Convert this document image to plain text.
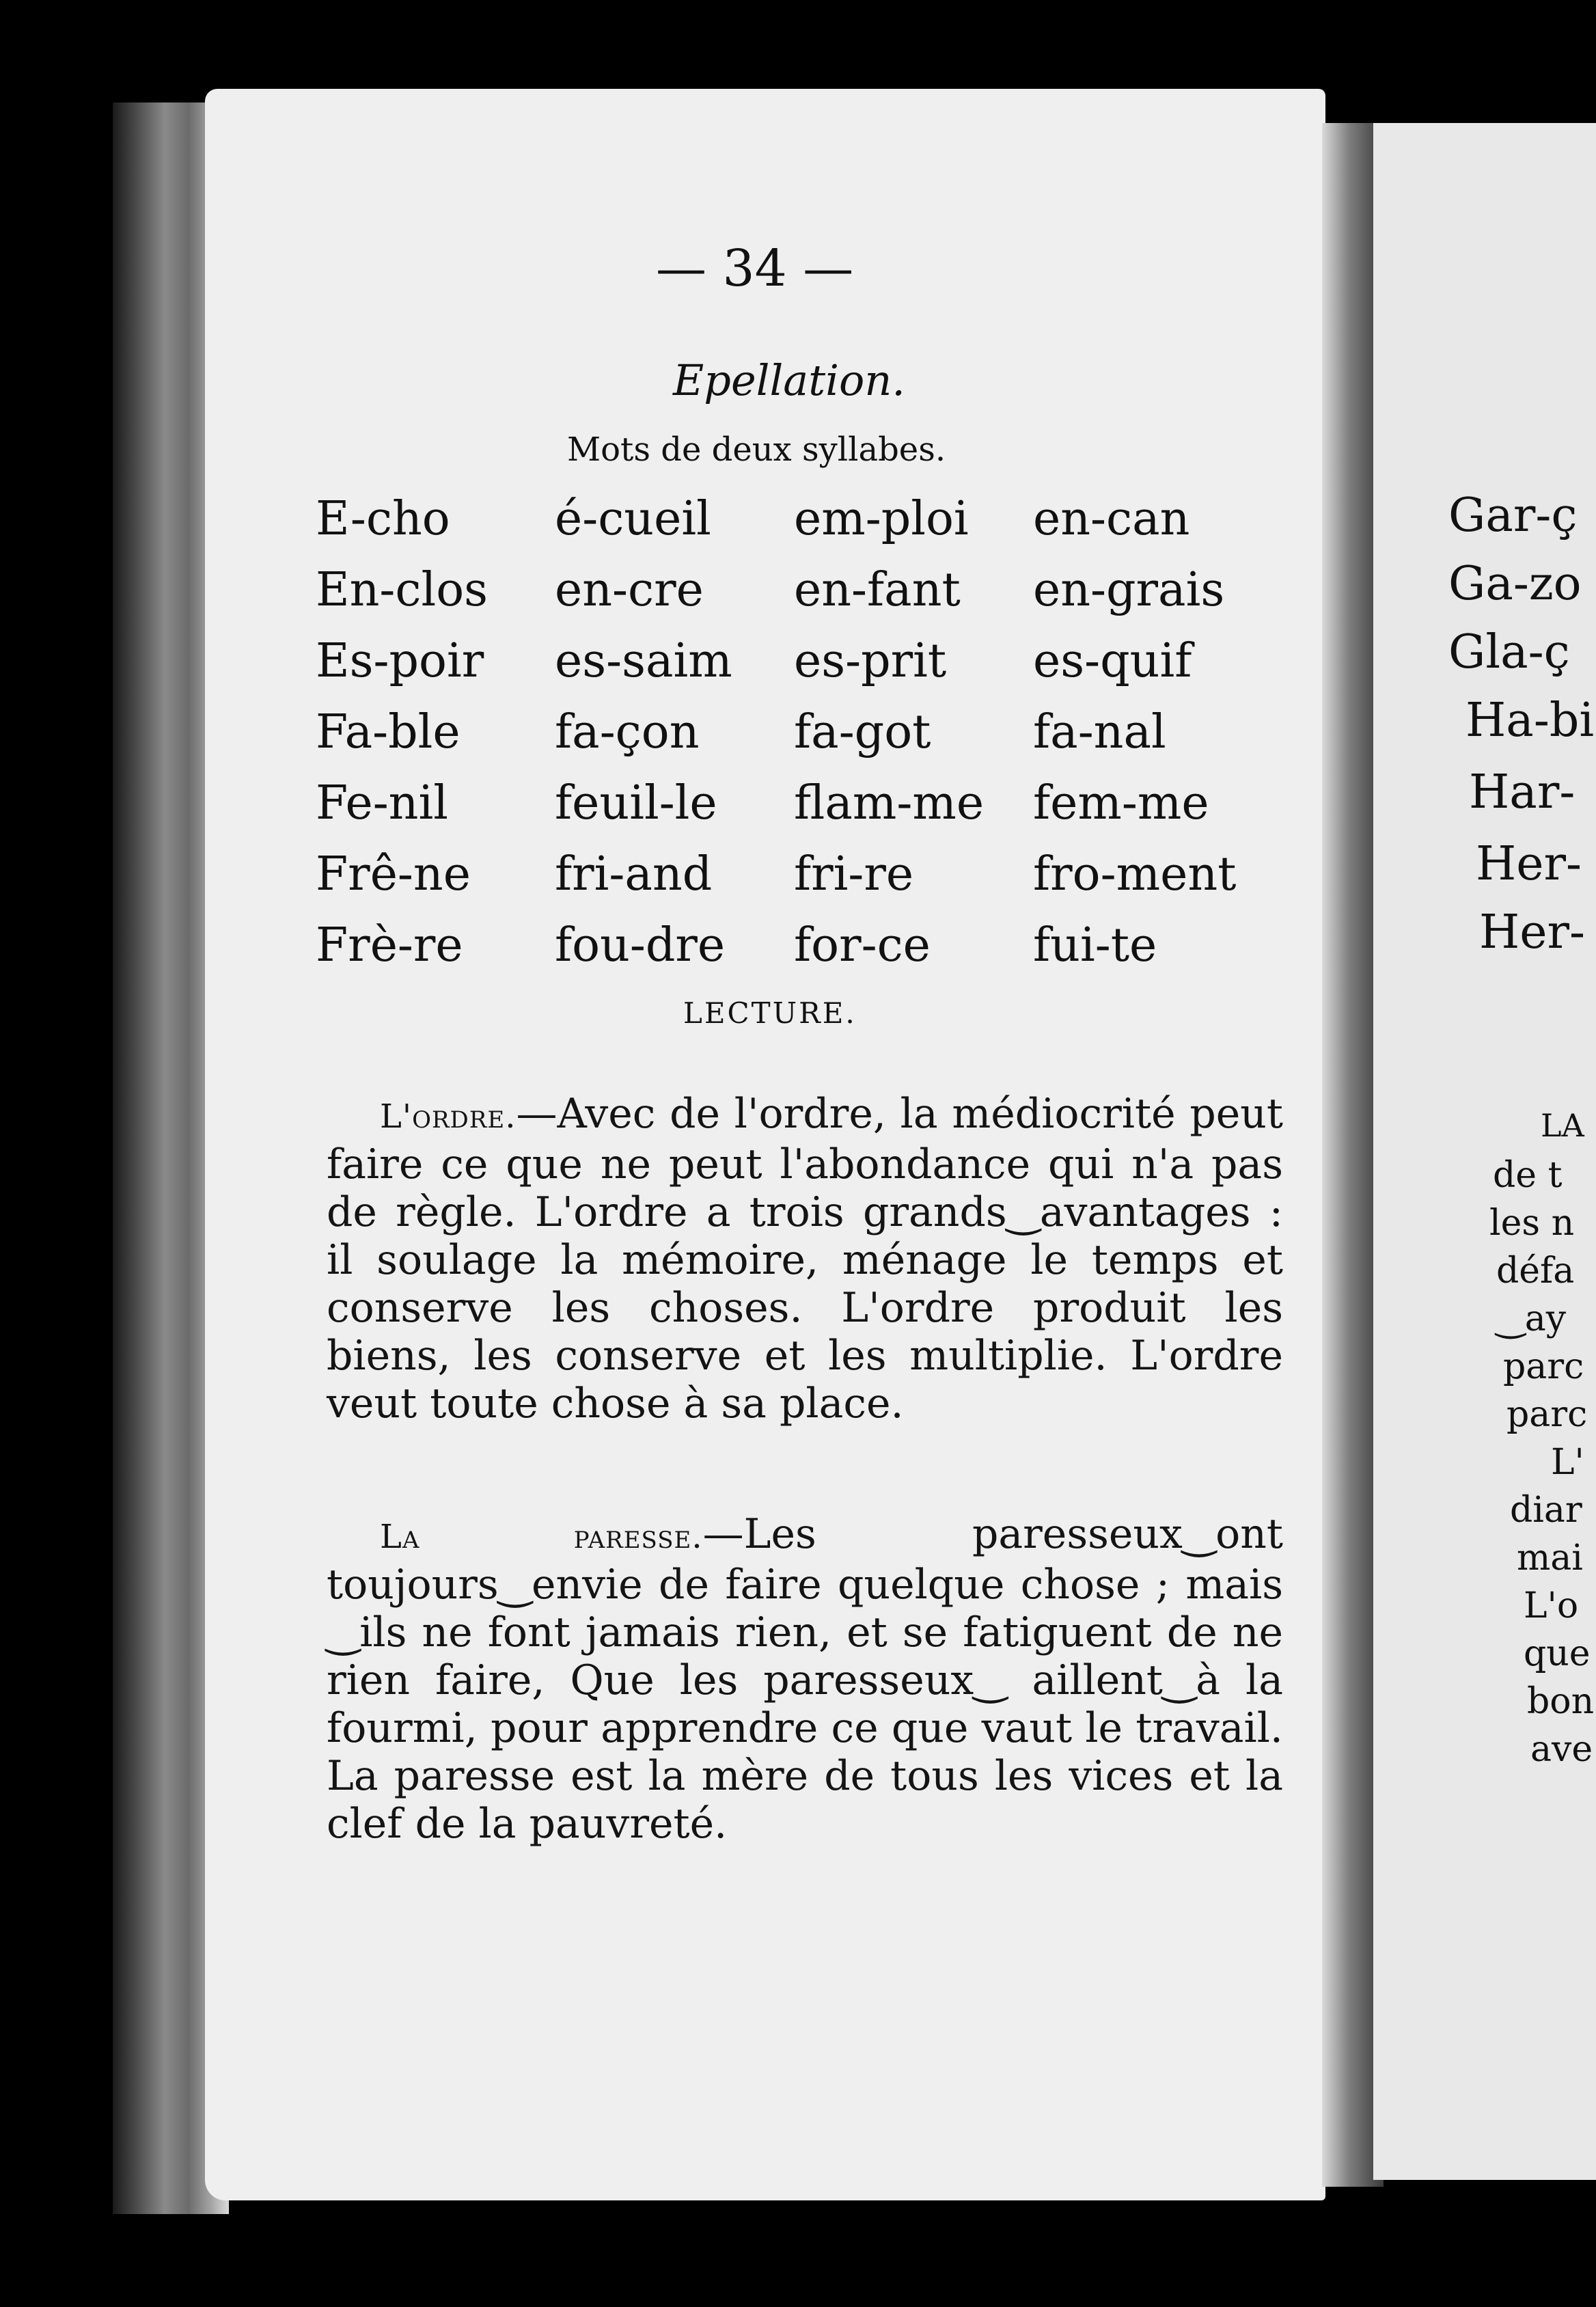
— 34 —
Epellation.
Mots de deux syllabes.
E-cho é-cueil em-ploi en-can
En-clos en-cre en-fant en-grais
Es-poir es-saim es-prit es-quif
Fa-ble fa-çon fa-got fa-nal
Fe-nil feuil-le flam-me fem-me
Frê-ne fri-and fri-re	fro-ment
Frè-re fou-dre for-ce fui-te
LECTURE.

L'ordre.—Avec de l'ordre, la médiocrité peut faire ce que ne peut l'abondance qui n'a pas de règle. L'ordre a trois grands‿avantages : il soulage la mémoire, ménage le temps et conserve les choses. L'ordre produit les biens, les conserve et les multiplie. L'ordre veut toute chose à sa place.

La paresse.—Les paresseux‿ont toujours‿envie de faire quelque chose ; mais ‿ils ne font jamais rien, et se fatiguent de ne rien faire, Que les paresseux‿ aillent‿à la fourmi, pour apprendre ce que vaut le travail. La paresse est la mère de tous les vices et la clef de la pauvreté.

Gar-ç
Ga-zo
Gla-ç
Ha-bi
Har-
Her-
Her-
LA
de t
les n
défa
‿ay
parc
parc
L'
diar
mai
L'o
que
bon
ave
